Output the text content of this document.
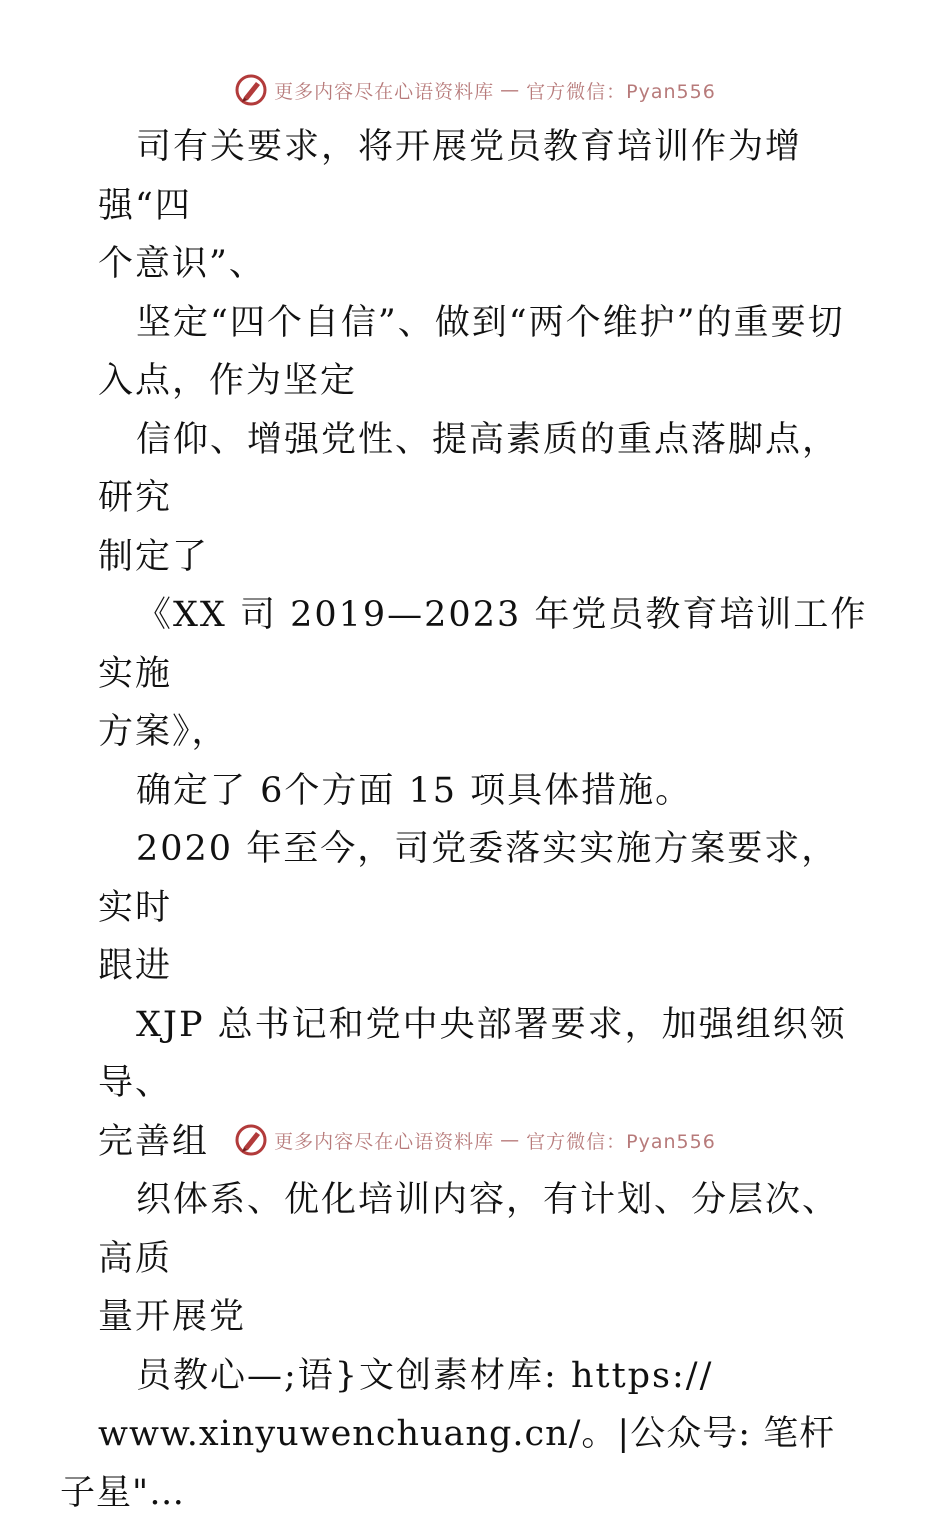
更多内容尽在心语资料库 — 官方微信：Pyan556

司有关要求，将开展党员教育培训作为增强“四
个意识”、

坚定“四个自信”、做到“两个维护”的重要切
入点，作为坚定

信仰、增强党性、提高素质的重点落脚点，研究
制定了

《XX 司 2019—2023 年党员教育培训工作实施
方案》，

确定了 6个方面 15 项具体措施。

2020 年至今，司党委落实实施方案要求，实时
跟进

XJP 总书记和党中央部署要求，加强组织领导、
完善组

织体系、优化培训内容，有计划、分层次、高质
量开展党

员教心—;语}文创素材库: https://
www.xinyuwenchuang.cn/。|公众号: 笔杆子星"…

更多内容尽在心语资料库 — 官方微信：Pyan556
